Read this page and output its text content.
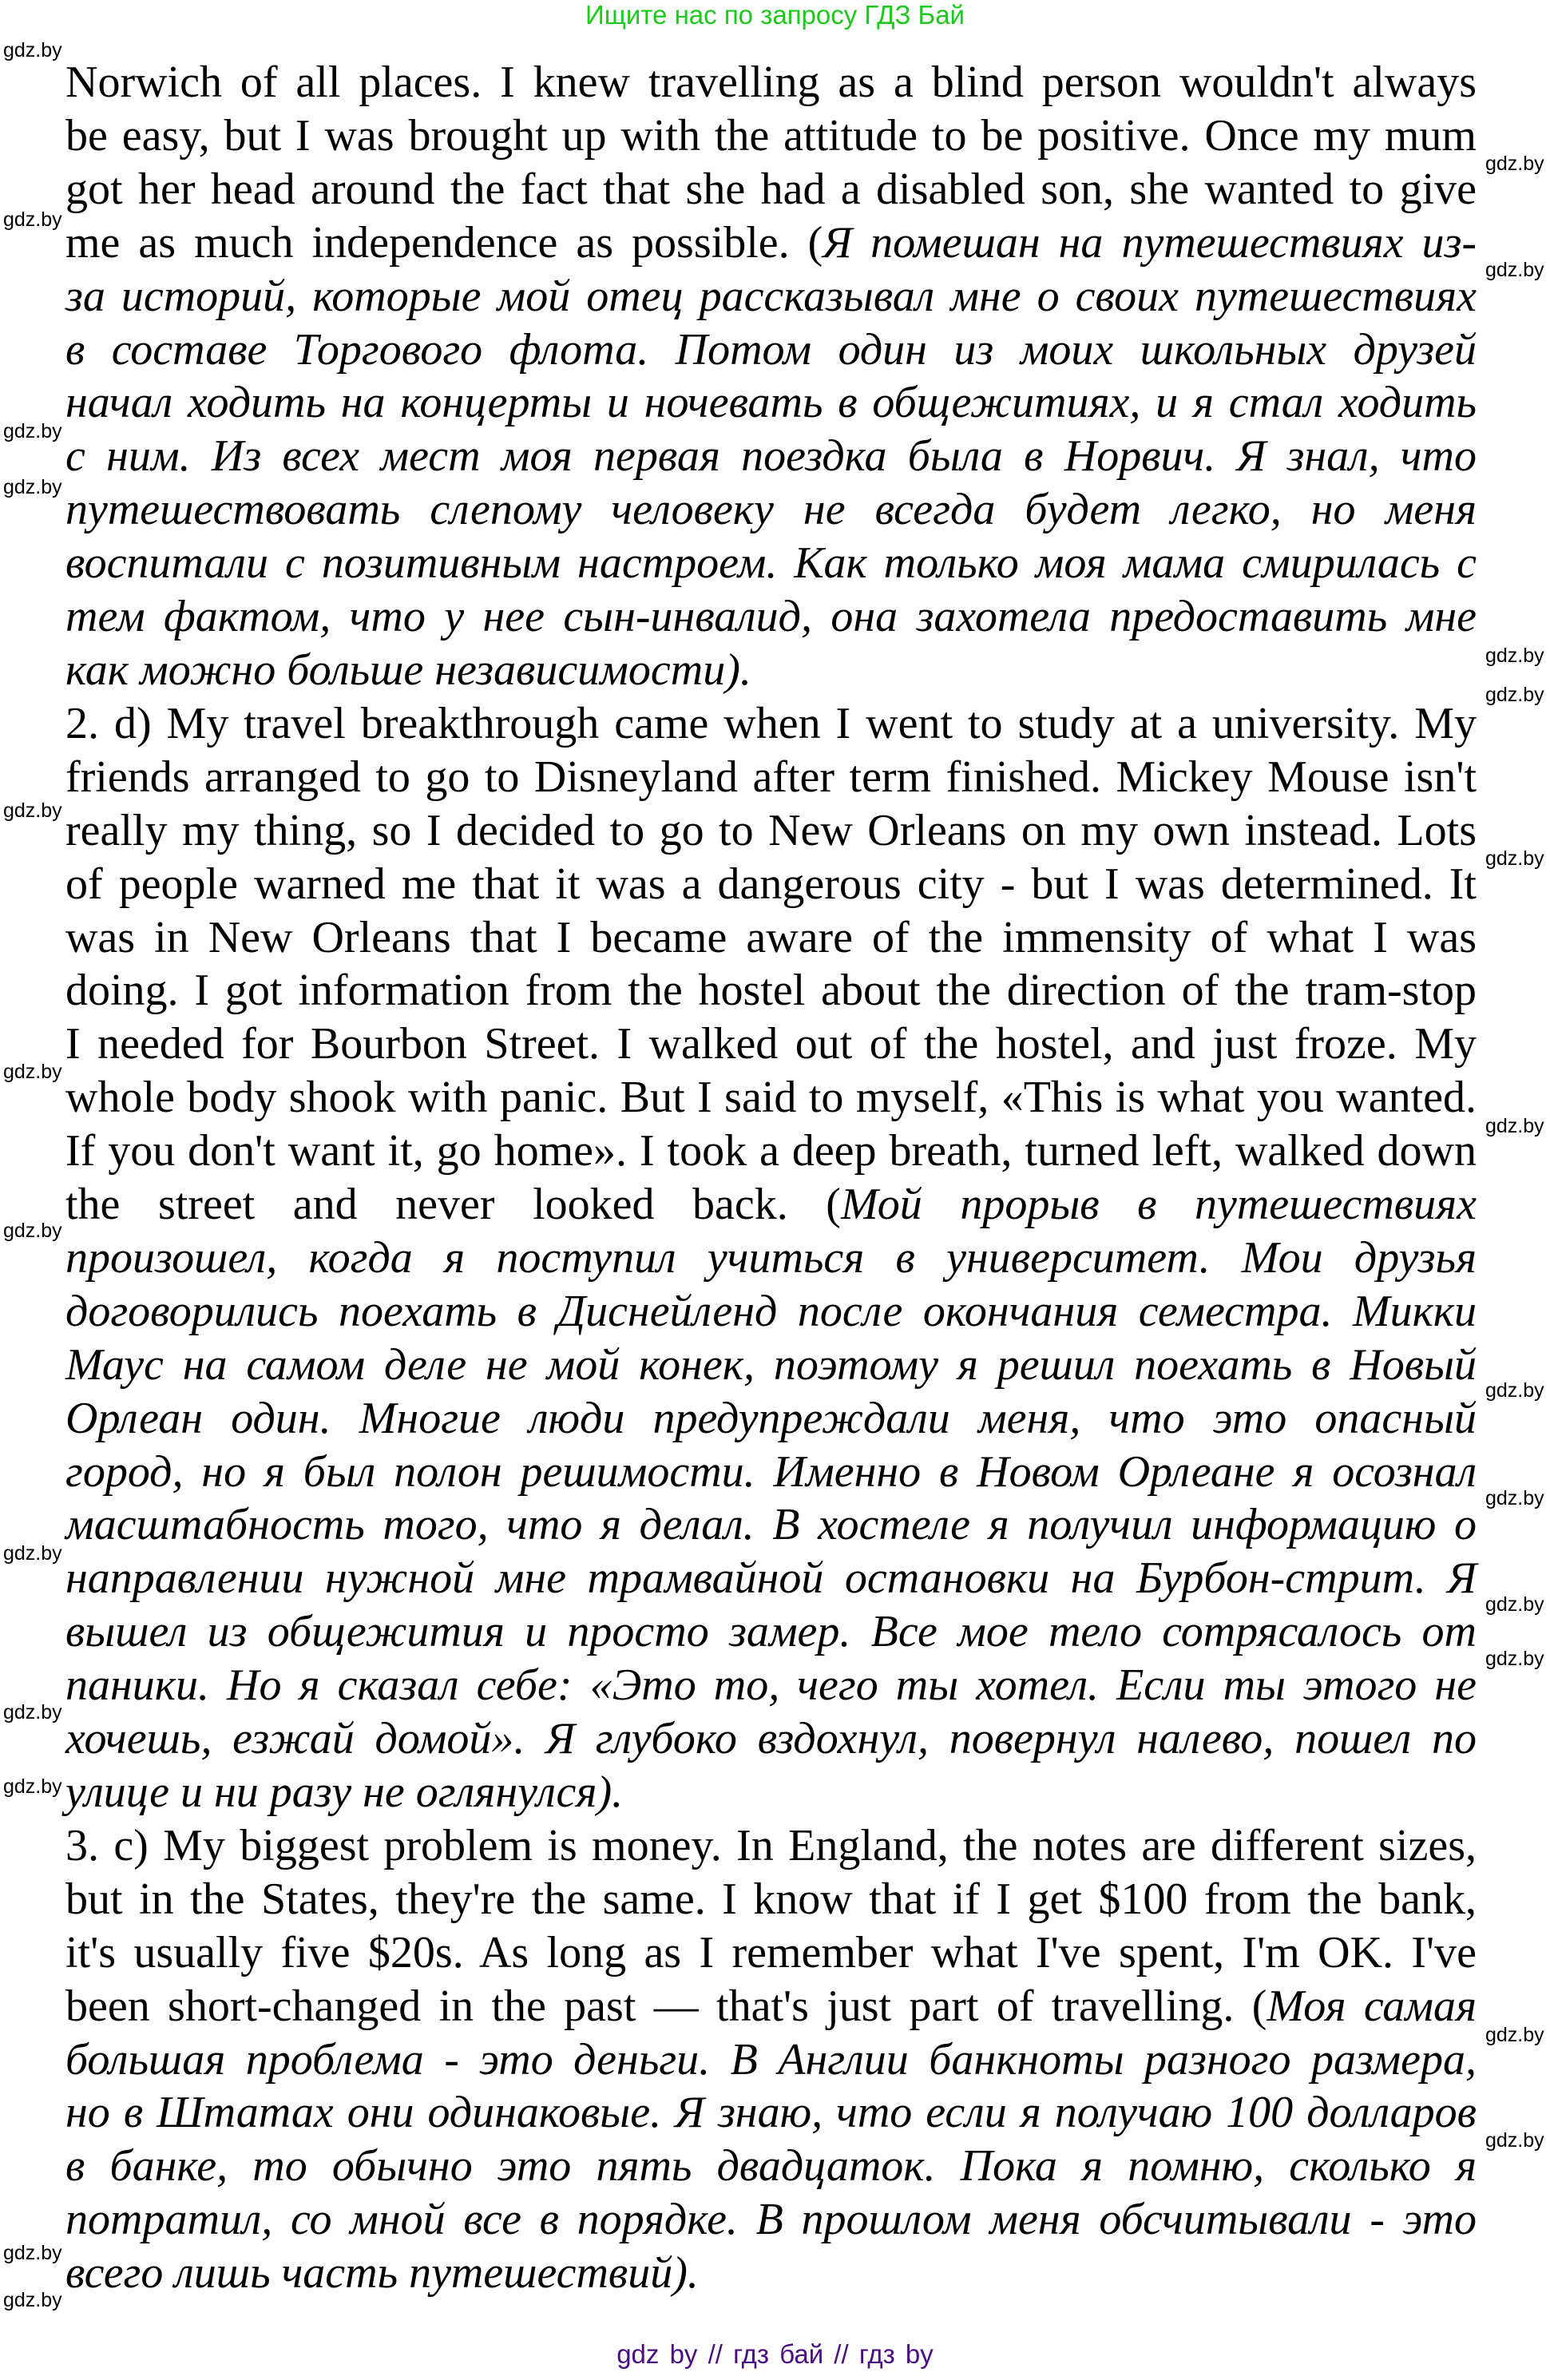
Ищите нас по запросу ГДЗ Бай
Norwich of all places. I knew travelling as a blind person wouldn't always
be easy, but I was brought up with the attitude to be positive. Once my mum
got her head around the fact that she had a disabled son, she wanted to give
me as much independence as possible. (Я помешан на путешествиях из-
за историй, которые мой отец рассказывал мне о своих путешествиях
в составе Торгового флота. Потом один из моих школьных друзей
начал ходить на концерты и ночевать в общежитиях, и я стал ходить
с ним. Из всех мест моя первая поездка была в Норвич. Я знал, что
путешествовать слепому человеку не всегда будет легко, но меня
воспитали с позитивным настроем. Как только моя мама смирилась с
тем фактом, что у нее сын-инвалид, она захотела предоставить мне
как можно больше независимости).
2. d) My travel breakthrough came when I went to study at a university. My
friends arranged to go to Disneyland after term finished. Mickey Mouse isn't
really my thing, so I decided to go to New Orleans on my own instead. Lots
of people warned me that it was a dangerous city - but I was determined. It
was in New Orleans that I became aware of the immensity of what I was
doing. I got information from the hostel about the direction of the tram-stop
I needed for Bourbon Street. I walked out of the hostel, and just froze. My
whole body shook with panic. But I said to myself, «This is what you wanted.
If you don't want it, go home». I took a deep breath, turned left, walked down
the street and never looked back. (Мой прорыв в путешествиях
произошел, когда я поступил учиться в университет. Мои друзья
договорились поехать в Диснейленд после окончания семестра. Микки
Маус на самом деле не мой конек, поэтому я решил поехать в Новый
Орлеан один. Многие люди предупреждали меня, что это опасный
город, но я был полон решимости. Именно в Новом Орлеане я осознал
масштабность того, что я делал. В хостеле я получил информацию о
направлении нужной мне трамвайной остановки на Бурбон-стрит. Я
вышел из общежития и просто замер. Все мое тело сотрясалось от
паники. Но я сказал себе: «Это то, чего ты хотел. Если ты этого не
хочешь, езжай домой». Я глубоко вздохнул, повернул налево, пошел по
улице и ни разу не оглянулся).
3. c) My biggest problem is money. In England, the notes are different sizes,
but in the States, they're the same. I know that if I get $100 from the bank,
it's usually five $20s. As long as I remember what I've spent, I'm OK. I've
been short-changed in the past — that's just part of travelling. (Моя самая
большая проблема - это деньги. В Англии банкноты разного размера,
но в Штатах они одинаковые. Я знаю, что если я получаю 100 долларов
в банке, то обычно это пять двадцаток. Пока я помню, сколько я
потратил, со мной все в порядке. В прошлом меня обсчитывали - это
всего лишь часть путешествий).
gdz by // гдз бай // гдз by
gdz.by
gdz.by
gdz.by
gdz.by
gdz.by
gdz.by
gdz.by
gdz.by
gdz.by
gdz.by
gdz.by
gdz.by
gdz.by
gdz.by
gdz.by
gdz.by
gdz.by
gdz.by
gdz.by
gdz.by
gdz.by
gdz.by
gdz.by
gdz.by
